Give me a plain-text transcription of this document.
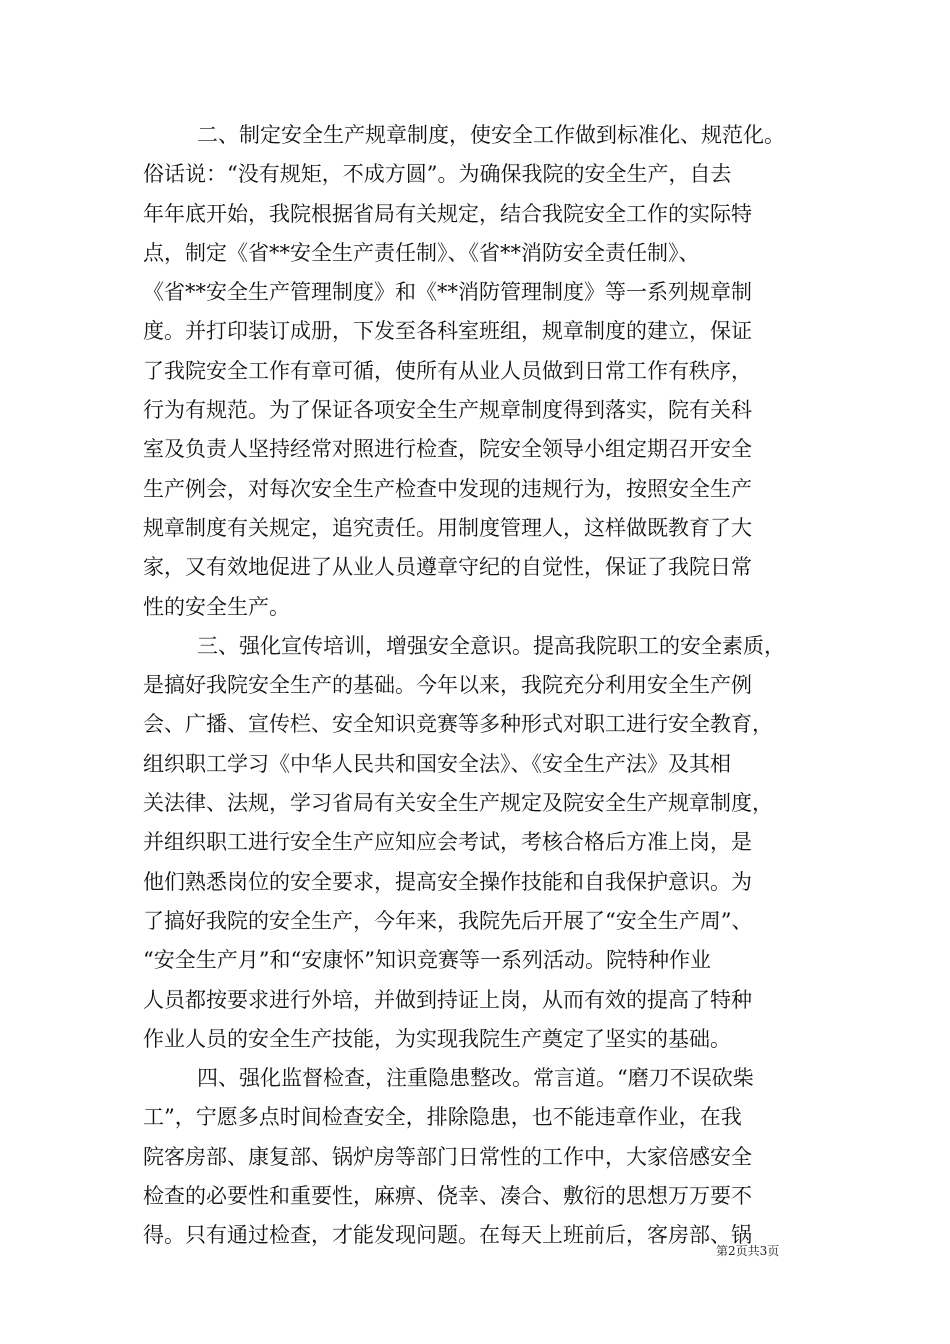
二、制定安全生产规章制度，使安全工作做到标准化、规范化。
俗话说：“没有规矩，不成方圆”。为确保我院的安全生产，自去
年年底开始，我院根据省局有关规定，结合我院安全工作的实际特
点，制定《省**安全生产责任制》、《省**消防安全责任制》、
《省**安全生产管理制度》和《**消防管理制度》等一系列规章制
度。并打印装订成册，下发至各科室班组，规章制度的建立，保证
了我院安全工作有章可循，使所有从业人员做到日常工作有秩序，
行为有规范。为了保证各项安全生产规章制度得到落实，院有关科
室及负责人坚持经常对照进行检查，院安全领导小组定期召开安全
生产例会，对每次安全生产检查中发现的违规行为，按照安全生产
规章制度有关规定，追究责任。用制度管理人，这样做既教育了大
家，又有效地促进了从业人员遵章守纪的自觉性，保证了我院日常
性的安全生产。
三、强化宣传培训，增强安全意识。提高我院职工的安全素质，
是搞好我院安全生产的基础。今年以来，我院充分利用安全生产例
会、广播、宣传栏、安全知识竞赛等多种形式对职工进行安全教育，
组织职工学习《中华人民共和国安全法》、《安全生产法》及其相
关法律、法规，学习省局有关安全生产规定及院安全生产规章制度，
并组织职工进行安全生产应知应会考试，考核合格后方准上岗，是
他们熟悉岗位的安全要求，提高安全操作技能和自我保护意识。为
了搞好我院的安全生产，今年来，我院先后开展了“安全生产周”、
“安全生产月”和“安康怀”知识竞赛等一系列活动。院特种作业
人员都按要求进行外培，并做到持证上岗，从而有效的提高了特种
作业人员的安全生产技能，为实现我院生产奠定了坚实的基础。
四、强化监督检查，注重隐患整改。常言道。“磨刀不误砍柴
工”，宁愿多点时间检查安全，排除隐患，也不能违章作业，在我
院客房部、康复部、锅炉房等部门日常性的工作中，大家倍感安全
检查的必要性和重要性，麻痹、侥幸、凑合、敷衍的思想万万要不
得。只有通过检查，才能发现问题。在每天上班前后，客房部、锅
第2页共3页
